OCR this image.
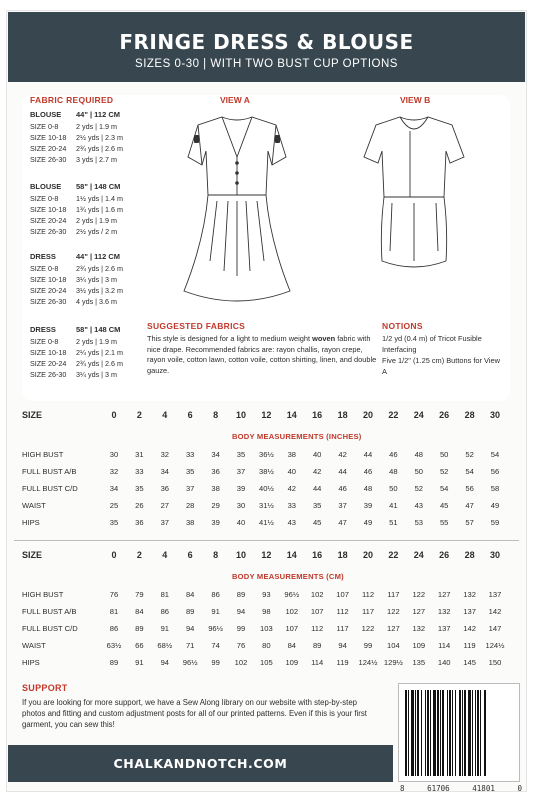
FRINGE DRESS & BLOUSE
SIZES 0-30 | WITH TWO BUST CUP OPTIONS
FABRIC REQUIRED
BLOUSE	44" | 112 CM
SIZE 0-8	2 yds | 1.9 m
SIZE 10-18	2½ yds | 2.3 m
SIZE 20-24	2¾ yds | 2.6 m
SIZE 26-30	3 yds | 2.7 m
BLOUSE	58" | 148 CM
SIZE 0-8	1½ yds | 1.4 m
SIZE 10-18	1¾ yds | 1.6 m
SIZE 20-24	2 yds | 1.9 m
SIZE 26-30	2½ yds / 2 m
DRESS	44" | 112 CM
SIZE 0-8	2¾ yds | 2.6 m
SIZE 10-18	3¼ yds | 3 m
SIZE 20-24	3½ yds | 3.2 m
SIZE 26-30	4 yds | 3.6 m
DRESS	58" | 148 CM
SIZE 0-8	2 yds | 1.9 m
SIZE 10-18	2¼ yds | 2.1 m
SIZE 20-24	2¾ yds | 2.6 m
SIZE 26-30	3¼ yds | 3 m
VIEW A	VIEW B
SUGGESTED FABRICS

This style is designed for a light to medium weight woven fabric with nice drape. Recommended fabrics are: rayon challis, rayon crepe, rayon voile, cotton lawn, cotton voile, cotton shirting, linen, and double gauze.

NOTIONS

1/2 yd (0.4 m) of Tricot Fusible Interfacing

Five 1/2" (1.25 cm) Buttons for View A

SIZE	0	2	4	6	8	10	12	14	16	18	20	22	24	26	28	30
BODY MEASUREMENTS (INCHES)
HIGH BUST	30	31	32	33	34	35	36½	38	40	42	44	46	48	50	52	54
FULL BUST A/B	32	33	34	35	36	37	38½	40	42	44	46	48	50	52	54	56
FULL BUST C/D	34	35	36	37	38	39	40½	42	44	46	48	50	52	54	56	58
WAIST	25	26	27	28	29	30	31½	33	35	37	39	41	43	45	47	49
HIPS	35	36	37	38	39	40	41½	43	45	47	49	51	53	55	57	59
SIZE	0	2	4	6	8	10	12	14	16	18	20	22	24	26	28	30
BODY MEASUREMENTS (CM)
HIGH BUST	76	79	81	84	86	89	93	96½	102	107	112	117	122	127	132	137
FULL BUST A/B	81	84	86	89	91	94	98	102	107	112	117	122	127	132	137	142
FULL BUST C/D	86	89	91	94	96½	99	103	107	112	117	122	127	132	137	142	147
WAIST	63½	66	68½	71	74	76	80	84	89	94	99	104	109	114	119	124½
HIPS	89	91	94	96½	99	102	105	109	114	119	124½ 129½	135	140	145	150
SUPPORT

If you are looking for more support, we have a Sew Along library on our website with step-by-step photos and fitting and custom adjustment posts for all of our printed patterns. Even if this is your first garment, you can sew this!

CHALKANDNOTCH.COM
8	61706	41801	0
